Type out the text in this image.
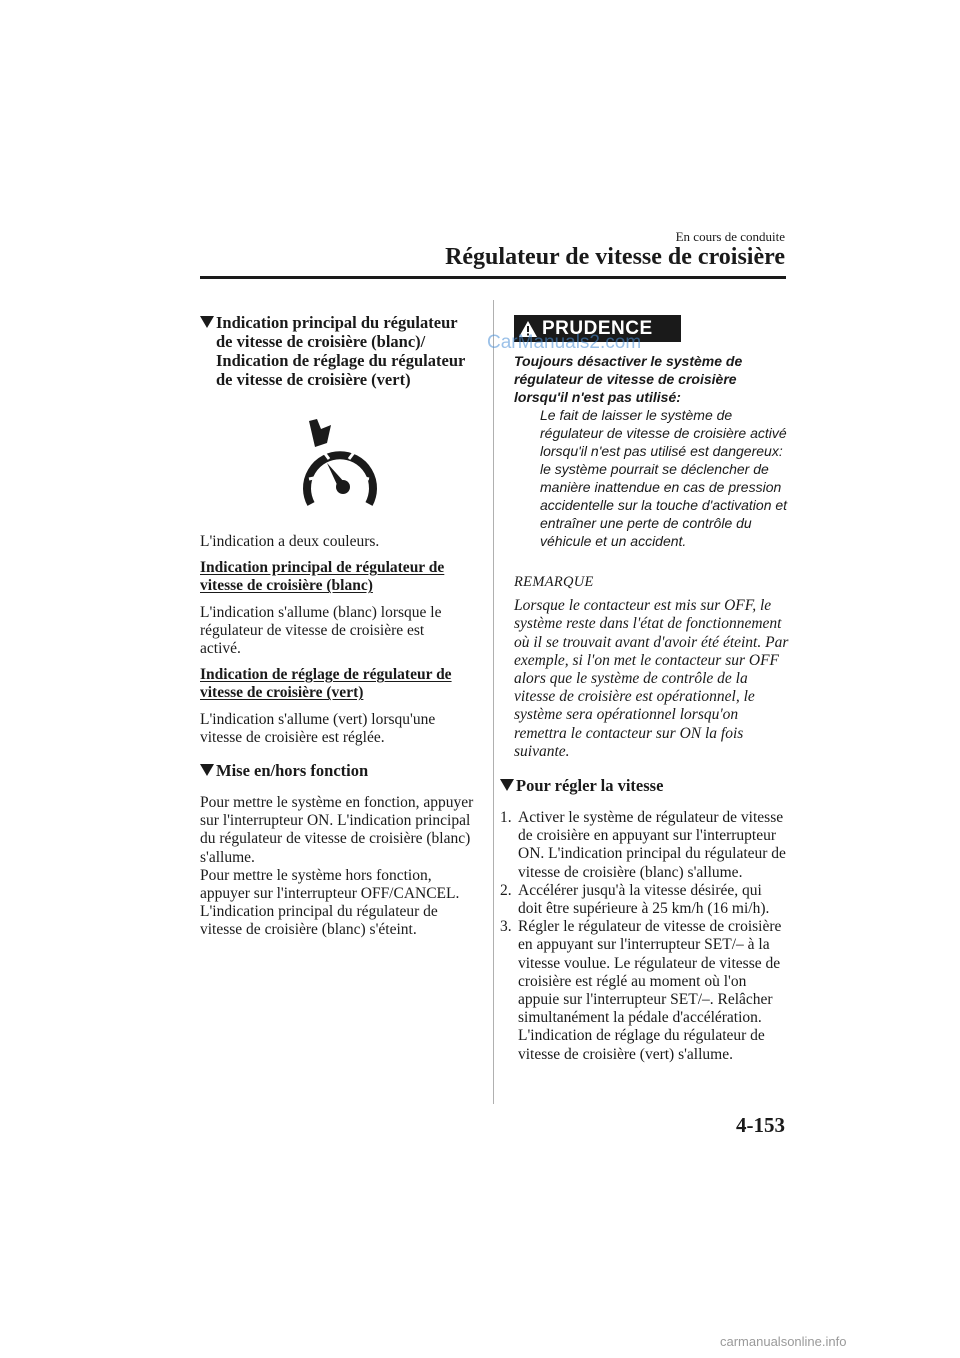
En cours de conduite
Régulateur de vitesse de croisière
Indication principal du régulateur de vitesse de croisière (blanc)/ Indication de réglage du régulateur de vitesse de croisière (vert)

L'indication a deux couleurs.

Indication principal de régulateur de vitesse de croisière (blanc)

L'indication s'allume (blanc) lorsque le régulateur de vitesse de croisière est activé.

Indication de réglage de régulateur de vitesse de croisière (vert)

L'indication s'allume (vert) lorsqu'une vitesse de croisière est réglée.

Mise en/hors fonction

Pour mettre le système en fonction, appuyer sur l'interrupteur ON. L'indication principal du régulateur de vitesse de croisière (blanc) s'allume.

Pour mettre le système hors fonction, appuyer sur l'interrupteur OFF/CANCEL. L'indication principal du régulateur de vitesse de croisière (blanc) s'éteint.

PRUDENCE
CarManuals2.com

Toujours désactiver le système de régulateur de vitesse de croisière lorsqu'il n'est pas utilisé:

Le fait de laisser le système de régulateur de vitesse de croisière activé lorsqu'il n'est pas utilisé est dangereux: le système pourrait se déclencher de manière inattendue en cas de pression accidentelle sur la touche d'activation et entraîner une perte de contrôle du véhicule et un accident.

REMARQUE

Lorsque le contacteur est mis sur OFF, le système reste dans l'état de fonctionnement où il se trouvait avant d'avoir été éteint. Par exemple, si l'on met le contacteur sur OFF alors que le système de contrôle de la vitesse de croisière est opérationnel, le système sera opérationnel lorsqu'on remettra le contacteur sur ON la fois suivante.

Pour régler la vitesse
1. Activer le système de régulateur de vitesse de croisière en appuyant sur l'interrupteur ON. L'indication principal du régulateur de vitesse de croisière (blanc) s'allume.
2. Accélérer jusqu'à la vitesse désirée, qui doit être supérieure à 25 km/h (16 mi/h).
3. Régler le régulateur de vitesse de croisière en appuyant sur l'interrupteur SET/– à la vitesse voulue. Le régulateur de vitesse de croisière est réglé au moment où l'on appuie sur l'interrupteur SET/–. Relâcher simultanément la pédale d'accélération. L'indication de réglage du régulateur de vitesse de croisière (vert) s'allume.
4-153
carmanualsonline.info
